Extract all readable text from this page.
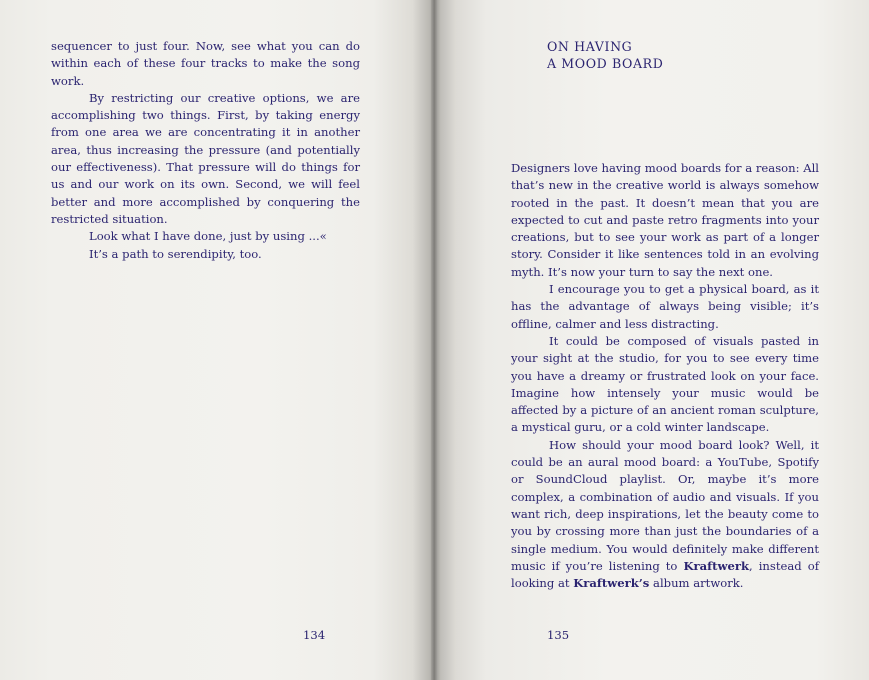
sequencer to just four. Now, see what you can do within each of these four tracks to make the song work.

By restricting our creative options, we are accomplishing two things. First, by taking energy from one area we are concentrating it in another area, thus increasing the pressure (and potentially our effectiveness). That pressure will do things for us and our work on its own. Second, we will feel better and more accomplished by conquering the restricted situation.

Look what I have done, just by using ...«

It’s a path to serendipity, too.

134
ON HAVING
A MOOD BOARD

Designers love having mood boards for a reason: All that’s new in the creative world is always somehow rooted in the past. It doesn’t mean that you are expected to cut and paste retro fragments into your creations, but to see your work as part of a longer story. Consider it like sentences told in an evolving myth. It’s now your turn to say the next one.

I encourage you to get a physical board, as it has the advantage of always being visible; it’s offline, calmer and less distracting.

It could be composed of visuals pasted in your sight at the studio, for you to see every time you have a dreamy or frustrated look on your face. Imagine how intensely your music would be affected by a picture of an ancient roman sculpture, a mystical guru, or a cold winter landscape.

How should your mood board look? Well, it could be an aural mood board: a YouTube, Spotify or SoundCloud playlist. Or, maybe it’s more complex, a combination of audio and visuals. If you want rich, deep inspirations, let the beauty come to you by crossing more than just the boundaries of a single medium. You would definitely make different music if you’re listening to Kraftwerk, instead of looking at Kraftwerk’s album artwork.

135
